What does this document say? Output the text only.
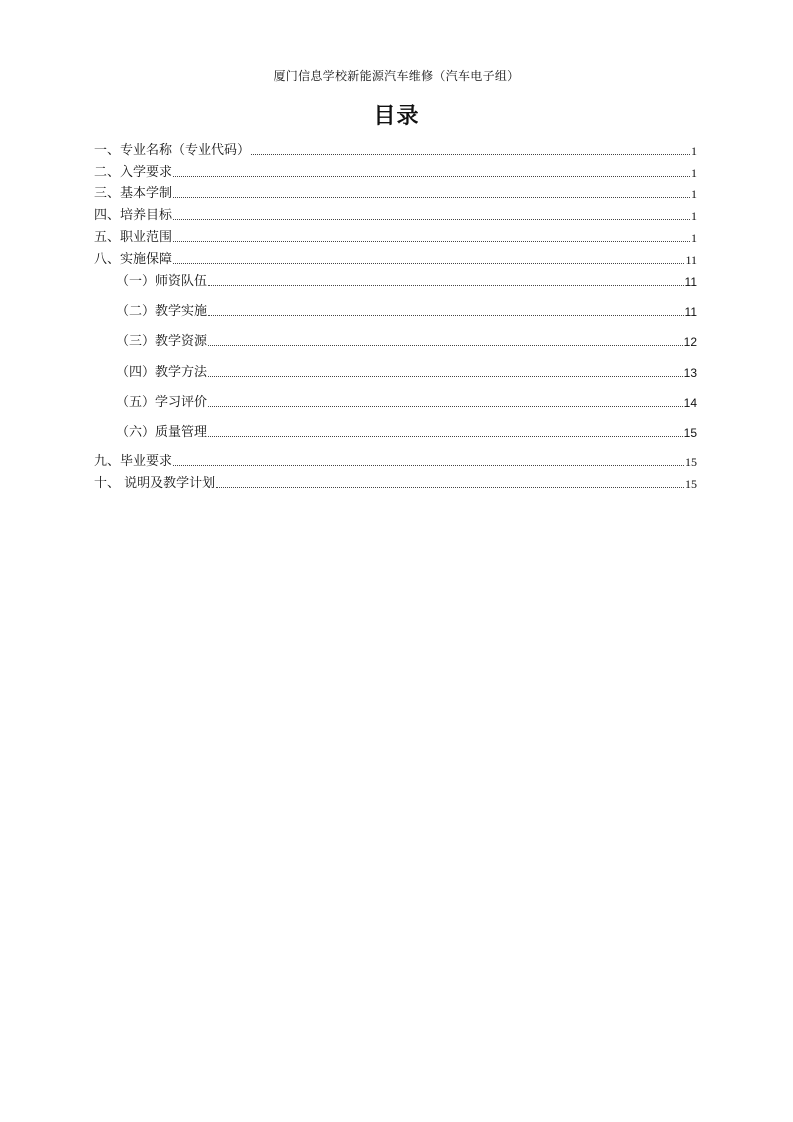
厦门信息学校新能源汽车维修（汽车电子组）
目录
一、专业名称（专业代码）	1
二、入学要求	1
三、基本学制	1
四、培养目标	1
五、职业范围	1
八、实施保障	11
（一）师资队伍	11
（二）教学实施	11
（三）教学资源	12
（四）教学方法	13
（五）学习评价	14
（六）质量管理	15
九、毕业要求	15
十、 说明及教学计划	15
